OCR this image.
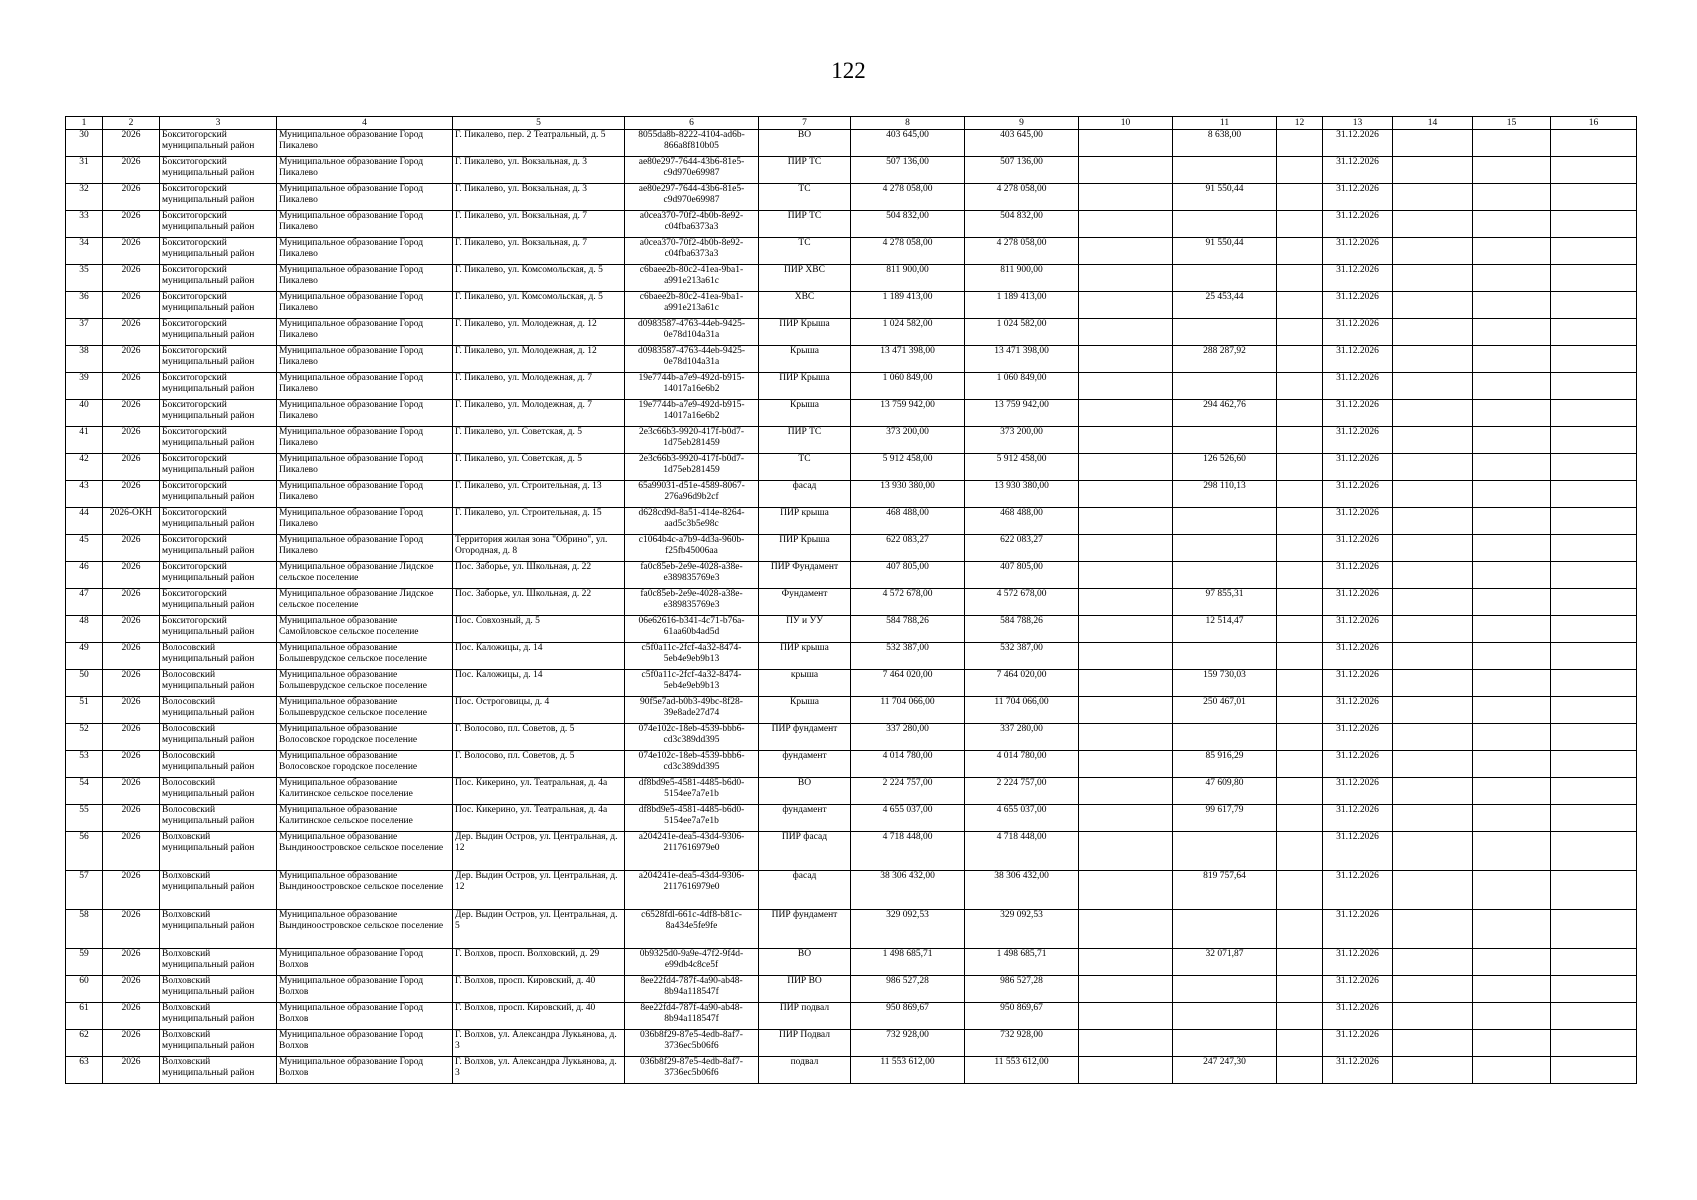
122
1	2	3	4	5	6	7	8	9	10	11	12	13	14	15	16
30	2026	Бокситогорский муниципальный район	Муниципальное образование Город Пикалево	Г. Пикалево, пер. 2 Театральный, д. 5	8055da8b-8222-4104-ad6b-866a8f810b05	ВО	403 645,00	403 645,00		8 638,00		31.12.2026			
31	2026	Бокситогорский муниципальный район	Муниципальное образование Город Пикалево	Г. Пикалево, ул. Вокзальная, д. 3	ae80e297-7644-43b6-81e5-c9d970e69987	ПИР ТС	507 136,00	507 136,00				31.12.2026			
32	2026	Бокситогорский муниципальный район	Муниципальное образование Город Пикалево	Г. Пикалево, ул. Вокзальная, д. 3	ae80e297-7644-43b6-81e5-c9d970e69987	ТС	4 278 058,00	4 278 058,00		91 550,44		31.12.2026			
33	2026	Бокситогорский муниципальный район	Муниципальное образование Город Пикалево	Г. Пикалево, ул. Вокзальная, д. 7	a0cea370-70f2-4b0b-8e92-c04fba6373a3	ПИР ТС	504 832,00	504 832,00				31.12.2026			
34	2026	Бокситогорский муниципальный район	Муниципальное образование Город Пикалево	Г. Пикалево, ул. Вокзальная, д. 7	a0cea370-70f2-4b0b-8e92-c04fba6373a3	ТС	4 278 058,00	4 278 058,00		91 550,44		31.12.2026			
35	2026	Бокситогорский муниципальный район	Муниципальное образование Город Пикалево	Г. Пикалево, ул. Комсомольская, д. 5	c6baee2b-80c2-41ea-9ba1-a991e213a61c	ПИР ХВС	811 900,00	811 900,00				31.12.2026			
36	2026	Бокситогорский муниципальный район	Муниципальное образование Город Пикалево	Г. Пикалево, ул. Комсомольская, д. 5	c6baee2b-80c2-41ea-9ba1-a991e213a61c	ХВС	1 189 413,00	1 189 413,00		25 453,44		31.12.2026			
37	2026	Бокситогорский муниципальный район	Муниципальное образование Город Пикалево	Г. Пикалево, ул. Молодежная, д. 12	d0983587-4763-44eb-9425-0e78d104a31a	ПИР Крыша	1 024 582,00	1 024 582,00				31.12.2026			
38	2026	Бокситогорский муниципальный район	Муниципальное образование Город Пикалево	Г. Пикалево, ул. Молодежная, д. 12	d0983587-4763-44eb-9425-0e78d104a31a	Крыша	13 471 398,00	13 471 398,00		288 287,92		31.12.2026			
39	2026	Бокситогорский муниципальный район	Муниципальное образование Город Пикалево	Г. Пикалево, ул. Молодежная, д. 7	19e7744b-a7e9-492d-b915-14017a16e6b2	ПИР Крыша	1 060 849,00	1 060 849,00				31.12.2026			
40	2026	Бокситогорский муниципальный район	Муниципальное образование Город Пикалево	Г. Пикалево, ул. Молодежная, д. 7	19e7744b-a7e9-492d-b915-14017a16e6b2	Крыша	13 759 942,00	13 759 942,00		294 462,76		31.12.2026			
41	2026	Бокситогорский муниципальный район	Муниципальное образование Город Пикалево	Г. Пикалево, ул. Советская, д. 5	2e3c66b3-9920-417f-b0d7-1d75eb281459	ПИР ТС	373 200,00	373 200,00				31.12.2026			
42	2026	Бокситогорский муниципальный район	Муниципальное образование Город Пикалево	Г. Пикалево, ул. Советская, д. 5	2e3c66b3-9920-417f-b0d7-1d75eb281459	ТС	5 912 458,00	5 912 458,00		126 526,60		31.12.2026			
43	2026	Бокситогорский муниципальный район	Муниципальное образование Город Пикалево	Г. Пикалево, ул. Строительная, д. 13	65a99031-d51e-4589-8067-276a96d9b2cf	фасад	13 930 380,00	13 930 380,00		298 110,13		31.12.2026			
44	2026-ОКН	Бокситогорский муниципальный район	Муниципальное образование Город Пикалево	Г. Пикалево, ул. Строительная, д. 15	d628cd9d-8a51-414e-8264-aad5c3b5e98c	ПИР крыша	468 488,00	468 488,00				31.12.2026			
45	2026	Бокситогорский муниципальный район	Муниципальное образование Город Пикалево	Территория жилая зона "Обрино", ул. Огородная, д. 8	c1064b4c-a7b9-4d3a-960b-f25fb45006aa	ПИР Крыша	622 083,27	622 083,27				31.12.2026			
46	2026	Бокситогорский муниципальный район	Муниципальное образование Лидское сельское поселение	Пос. Заборье, ул. Школьная, д. 22	fa0c85eb-2e9e-4028-a38e-e389835769e3	ПИР Фундамент	407 805,00	407 805,00				31.12.2026			
47	2026	Бокситогорский муниципальный район	Муниципальное образование Лидское сельское поселение	Пос. Заборье, ул. Школьная, д. 22	fa0c85eb-2e9e-4028-a38e-e389835769e3	Фундамент	4 572 678,00	4 572 678,00		97 855,31		31.12.2026			
48	2026	Бокситогорский муниципальный район	Муниципальное образование Самойловское сельское поселение	Пос. Совхозный, д. 5	06e62616-b341-4c71-b76a-61aa60b4ad5d	ПУ и УУ	584 788,26	584 788,26		12 514,47		31.12.2026			
49	2026	Волосовский муниципальный район	Муниципальное образование Большеврудское сельское поселение	Пос. Каложицы, д. 14	c5f0a11c-2fcf-4a32-8474-5eb4e9eb9b13	ПИР крыша	532 387,00	532 387,00				31.12.2026			
50	2026	Волосовский муниципальный район	Муниципальное образование Большеврудское сельское поселение	Пос. Каложицы, д. 14	c5f0a11c-2fcf-4a32-8474-5eb4e9eb9b13	крыша	7 464 020,00	7 464 020,00		159 730,03		31.12.2026			
51	2026	Волосовский муниципальный район	Муниципальное образование Большеврудское сельское поселение	Пос. Остроговицы, д. 4	90f5e7ad-b0b3-49bc-8f28-39e8ade27d74	Крыша	11 704 066,00	11 704 066,00		250 467,01		31.12.2026			
52	2026	Волосовский муниципальный район	Муниципальное образование Волосовское городское поселение	Г. Волосово, пл. Советов, д. 5	074e102c-18eb-4539-bbb6-cd3c389dd395	ПИР фундамент	337 280,00	337 280,00				31.12.2026			
53	2026	Волосовский муниципальный район	Муниципальное образование Волосовское городское поселение	Г. Волосово, пл. Советов, д. 5	074e102c-18eb-4539-bbb6-cd3c389dd395	фундамент	4 014 780,00	4 014 780,00		85 916,29		31.12.2026			
54	2026	Волосовский муниципальный район	Муниципальное образование Калитинское сельское поселение	Пос. Кикерино, ул. Театральная, д. 4а	df8bd9e5-4581-4485-b6d0-5154ee7a7e1b	ВО	2 224 757,00	2 224 757,00		47 609,80		31.12.2026			
55	2026	Волосовский муниципальный район	Муниципальное образование Калитинское сельское поселение	Пос. Кикерино, ул. Театральная, д. 4а	df8bd9e5-4581-4485-b6d0-5154ee7a7e1b	фундамент	4 655 037,00	4 655 037,00		99 617,79		31.12.2026			
56	2026	Волховский муниципальный район	Муниципальное образование Вындиноостровское сельское поселение	Дер. Выдин Остров, ул. Центральная, д. 12	a204241e-dea5-43d4-9306-2117616979e0	ПИР фасад	4 718 448,00	4 718 448,00				31.12.2026			
57	2026	Волховский муниципальный район	Муниципальное образование Вындиноостровское сельское поселение	Дер. Выдин Остров, ул. Центральная, д. 12	a204241e-dea5-43d4-9306-2117616979e0	фасад	38 306 432,00	38 306 432,00		819 757,64		31.12.2026			
58	2026	Волховский муниципальный район	Муниципальное образование Вындиноостровское сельское поселение	Дер. Выдин Остров, ул. Центральная, д. 5	c6528fdl-661c-4df8-b81c-8a434e5fe9fe	ПИР фундамент	329 092,53	329 092,53				31.12.2026			
59	2026	Волховский муниципальный район	Муниципальное образование Город Волхов	Г. Волхов, просп. Волховский, д. 29	0b9325d0-9a9e-47f2-9f4d-e99db4c8ce5f	ВО	1 498 685,71	1 498 685,71		32 071,87		31.12.2026			
60	2026	Волховский муниципальный район	Муниципальное образование Город Волхов	Г. Волхов, просп. Кировский, д. 40	8ee22fd4-787f-4a90-ab48-8b94a118547f	ПИР ВО	986 527,28	986 527,28				31.12.2026			
61	2026	Волховский муниципальный район	Муниципальное образование Город Волхов	Г. Волхов, просп. Кировский, д. 40	8ee22fd4-787f-4a90-ab48-8b94a118547f	ПИР подвал	950 869,67	950 869,67				31.12.2026			
62	2026	Волховский муниципальный район	Муниципальное образование Город Волхов	Г. Волхов, ул. Александра Лукьянова, д. 3	036b8f29-87e5-4edb-8af7-3736ec5b06f6	ПИР Подвал	732 928,00	732 928,00				31.12.2026			
63	2026	Волховский муниципальный район	Муниципальное образование Город Волхов	Г. Волхов, ул. Александра Лукьянова, д. 3	036b8f29-87e5-4edb-8af7-3736ec5b06f6	подвал	11 553 612,00	11 553 612,00		247 247,30		31.12.2026			
